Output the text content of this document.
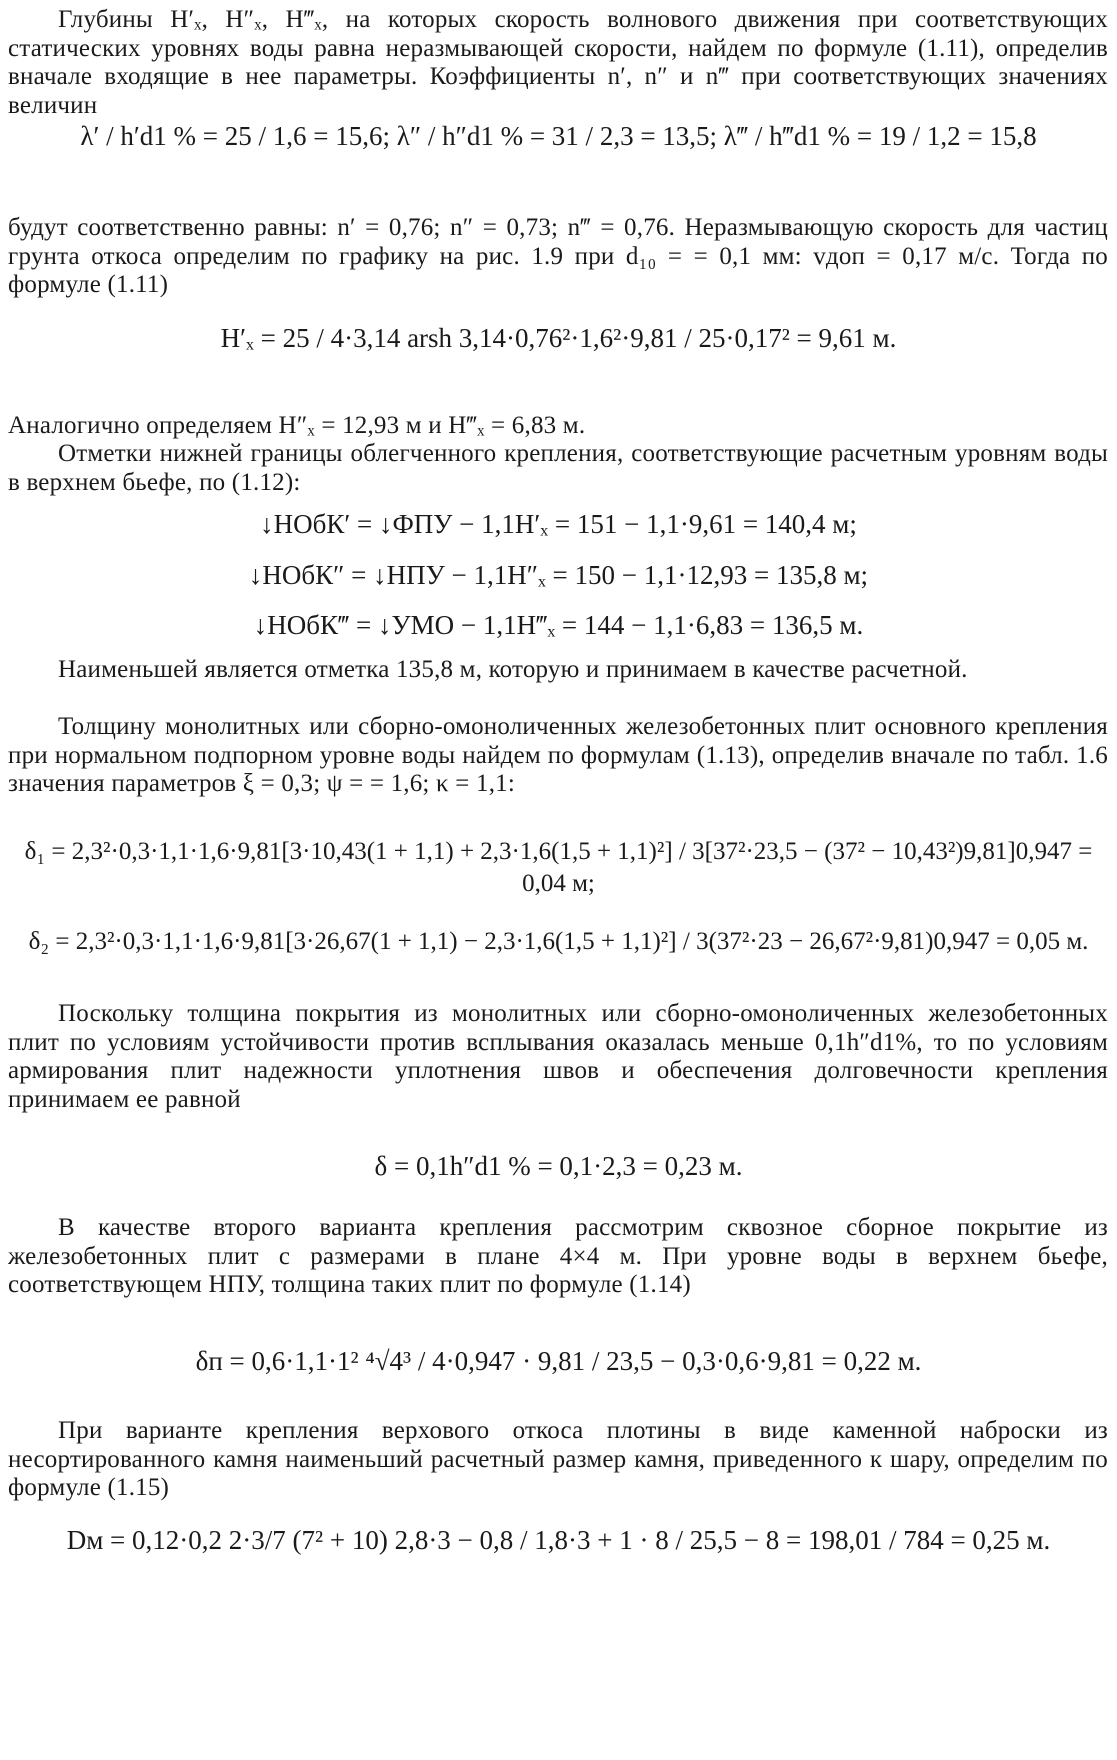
Глубины H′ₓ, H″ₓ, H‴ₓ, на которых скорость волнового движения при соответствующих статических уровнях воды равна неразмывающей скорости, найдем по формуле (1.11), определив вначале входящие в нее параметры. Коэффициенты n′, n″ и n‴ при соответствующих значениях величин
λ′ / h′d1 % = 25 / 1,6 = 15,6; λ″ / h″d1 % = 31 / 2,3 = 13,5; λ‴ / h‴d1 % = 19 / 1,2 = 15,8
будут соответственно равны: n′ = 0,76; n″ = 0,73; n‴ = 0,76. Неразмывающую скорость для частиц грунта откоса определим по графику на рис. 1.9 при d₁₀ = = 0,1 мм: vдоп = 0,17 м/с. Тогда по формуле (1.11)
H′ₓ = 25 / 4·3,14 arsh 3,14·0,76²·1,6²·9,81 / 25·0,17² = 9,61 м.
Аналогично определяем H″ₓ = 12,93 м и H‴ₓ = 6,83 м.
Отметки нижней границы облегченного крепления, соответствующие расчетным уровням воды в верхнем бьефе, по (1.12):
↓НОбК′ = ↓ФПУ − 1,1H′ₓ = 151 − 1,1·9,61 = 140,4 м;
↓НОбК″ = ↓НПУ − 1,1H″ₓ = 150 − 1,1·12,93 = 135,8 м;
↓НОбК‴ = ↓УМО − 1,1H‴ₓ = 144 − 1,1·6,83 = 136,5 м.
Наименьшей является отметка 135,8 м, которую и принимаем в качестве расчетной.
Толщину монолитных или сборно-омоноличенных железобетонных плит основного крепления при нормальном подпорном уровне воды найдем по формулам (1.13), определив вначале по табл. 1.6 значения параметров ξ = 0,3; ψ = = 1,6; κ = 1,1:
δ₁ = 2,3²·0,3·1,1·1,6·9,81[3·10,43(1 + 1,1) + 2,3·1,6(1,5 + 1,1)²] / 3[37²·23,5 − (37² − 10,43²)9,81]0,947 = 0,04 м;
δ₂ = 2,3²·0,3·1,1·1,6·9,81[3·26,67(1 + 1,1) − 2,3·1,6(1,5 + 1,1)²] / 3(37²·23 − 26,67²·9,81)0,947 = 0,05 м.
Поскольку толщина покрытия из монолитных или сборно-омоноличенных железобетонных плит по условиям устойчивости против всплывания оказалась меньше 0,1h″d1%, то по условиям армирования плит надежности уплотнения швов и обеспечения долговечности крепления принимаем ее равной
δ = 0,1h″d1 % = 0,1·2,3 = 0,23 м.
В качестве второго варианта крепления рассмотрим сквозное сборное покрытие из железобетонных плит с размерами в плане 4×4 м. При уровне воды в верхнем бьефе, соответствующем НПУ, толщина таких плит по формуле (1.14)
δп = 0,6·1,1·1² ⁴√4³ / 4·0,947 · 9,81 / 23,5 − 0,3·0,6·9,81 = 0,22 м.
При варианте крепления верхового откоса плотины в виде каменной наброски из несортированного камня наименьший расчетный размер камня, приведенного к шару, определим по формуле (1.15)
Dм = 0,12·0,2 2·3/7 (7² + 10) 2,8·3 − 0,8 / 1,8·3 + 1 · 8 / 25,5 − 8 = 198,01 / 784 = 0,25 м.
